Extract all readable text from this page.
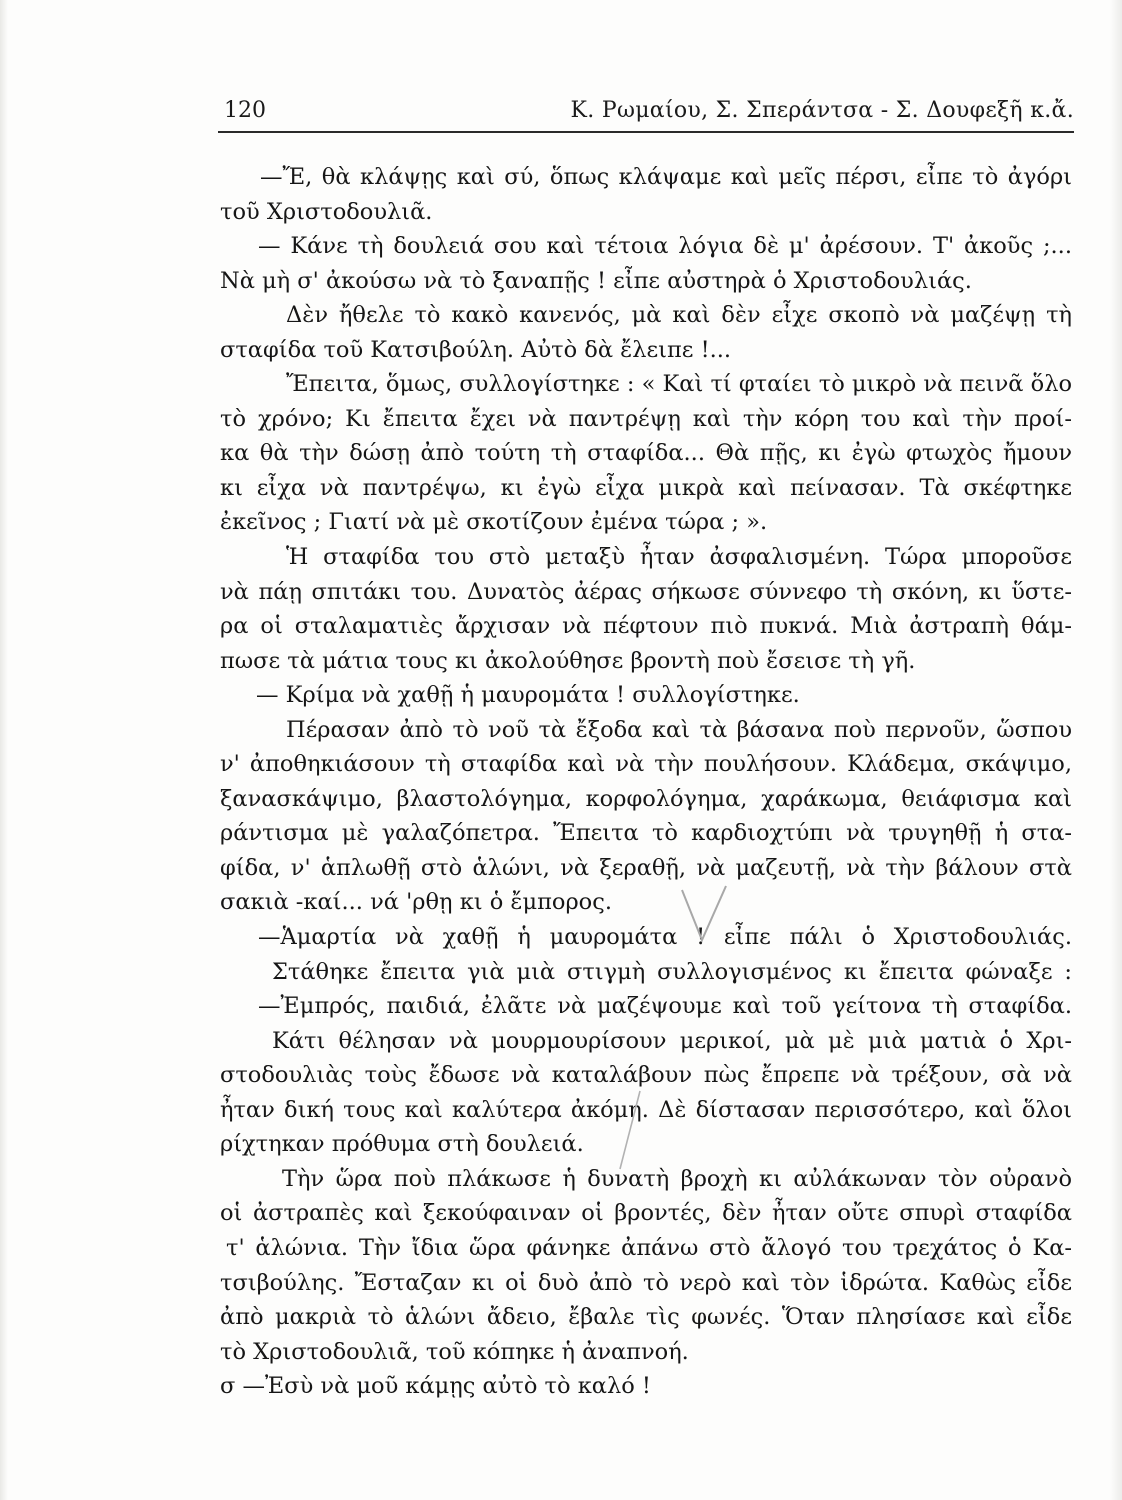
120	Κ. Ρωμαίου, Σ. Σπεράντσα - Σ. Δουφεξῆ κ.ἄ.
—Ἔ, θὰ κλάψῃς καὶ σύ, ὅπως κλάψαμε καὶ μεῖς πέρσι, εἶπε τὸ ἀγόρι
τοῦ Χριστοδουλιᾶ.
— Κάνε τὴ δουλειά σου καὶ τέτοια λόγια δὲ μ' ἀρέσουν. Τ' ἀκοῦς ;...
Νὰ μὴ σ' ἀκούσω νὰ τὸ ξαναπῇς ! εἶπε αὐστηρὰ ὁ Χριστοδουλιάς.
Δὲν ἤθελε τὸ κακὸ κανενός, μὰ καὶ δὲν εἶχε σκοπὸ νὰ μαζέψῃ τὴ
σταφίδα τοῦ Κατσιβούλη. Αὐτὸ δὰ ἔλειπε !...
Ἔπειτα, ὅμως, συλλογίστηκε : « Καὶ τί φταίει τὸ μικρὸ νὰ πεινᾶ ὅλο
τὸ χρόνο; Κι ἔπειτα ἔχει νὰ παντρέψῃ καὶ τὴν κόρη του καὶ τὴν προί-
κα θὰ τὴν δώσῃ ἀπὸ τούτη τὴ σταφίδα... Θὰ πῇς, κι ἐγὼ φτωχὸς ἤμουν
κι εἶχα νὰ παντρέψω, κι ἐγὼ εἶχα μικρὰ καὶ πείνασαν. Τὰ σκέφτηκε
ἐκεῖνος ; Γιατί νὰ μὲ σκοτίζουν ἐμένα τώρα ; ».
Ἡ σταφίδα του στὸ μεταξὺ ἦταν ἀσφαλισμένη. Τώρα μποροῦσε
νὰ πάῃ σπιτάκι του. Δυνατὸς ἀέρας σήκωσε σύννεφο τὴ σκόνη, κι ὕστε-
ρα οἱ σταλαματιὲς ἄρχισαν νὰ πέφτουν πιὸ πυκνά. Μιὰ ἀστραπὴ θάμ-
πωσε τὰ μάτια τους κι ἀκολούθησε βροντὴ ποὺ ἔσεισε τὴ γῆ.
— Κρίμα νὰ χαθῇ ἡ μαυρομάτα ! συλλογίστηκε.
Πέρασαν ἀπὸ τὸ νοῦ τὰ ἔξοδα καὶ τὰ βάσανα ποὺ περνοῦν, ὥσπου
ν' ἀποθηκιάσουν τὴ σταφίδα καὶ νὰ τὴν πουλήσουν. Κλάδεμα, σκάψιμο,
ξανασκάψιμο, βλαστολόγημα, κορφολόγημα, χαράκωμα, θειάφισμα καὶ
ράντισμα μὲ γαλαζόπετρα. Ἔπειτα τὸ καρδιοχτύπι νὰ τρυγηθῇ ἡ στα-
φίδα, ν' ἁπλωθῇ στὸ ἁλώνι, νὰ ξεραθῇ, νὰ μαζευτῇ, νὰ τὴν βάλουν στὰ
σακιὰ -καί... νά 'ρθῃ κι ὁ ἔμπορος.
—Ἁμαρτία νὰ χαθῇ ἡ μαυρομάτα ! εἶπε πάλι ὁ Χριστοδουλιάς.
Στάθηκε ἔπειτα γιὰ μιὰ στιγμὴ συλλογισμένος κι ἔπειτα φώναξε :
—Ἐμπρός, παιδιά, ἐλᾶτε νὰ μαζέψουμε καὶ τοῦ γείτονα τὴ σταφίδα.
Κάτι θέλησαν νὰ μουρμουρίσουν μερικοί, μὰ μὲ μιὰ ματιὰ ὁ Χρι-
στοδουλιὰς τοὺς ἔδωσε νὰ καταλάβουν πὼς ἔπρεπε νὰ τρέξουν, σὰ νὰ
ἦταν δική τους καὶ καλύτερα ἀκόμη. Δὲ δίστασαν περισσότερο, καὶ ὅλοι
ρίχτηκαν πρόθυμα στὴ δουλειά.
Τὴν ὥρα ποὺ πλάκωσε ἡ δυνατὴ βροχὴ κι αὐλάκωναν τὸν οὐρανὸ
οἱ ἀστραπὲς καὶ ξεκούφαιναν οἱ βροντές, δὲν ἦταν οὔτε σπυρὶ σταφίδα
τ' ἁλώνια. Τὴν ἴδια ὥρα φάνηκε ἀπάνω στὸ ἄλογό του τρεχάτος ὁ Κα-
τσιβούλης. Ἔσταζαν κι οἱ δυὸ ἀπὸ τὸ νερὸ καὶ τὸν ἱδρώτα. Καθὼς εἶδε
ἀπὸ μακριὰ τὸ ἁλώνι ἄδειο, ἔβαλε τὶς φωνές. Ὅταν πλησίασε καὶ εἶδε
τὸ Χριστοδουλιᾶ, τοῦ κόπηκε ἡ ἀναπνοή.
σ —Ἐσὺ νὰ μοῦ κάμῃς αὐτὸ τὸ καλό !
